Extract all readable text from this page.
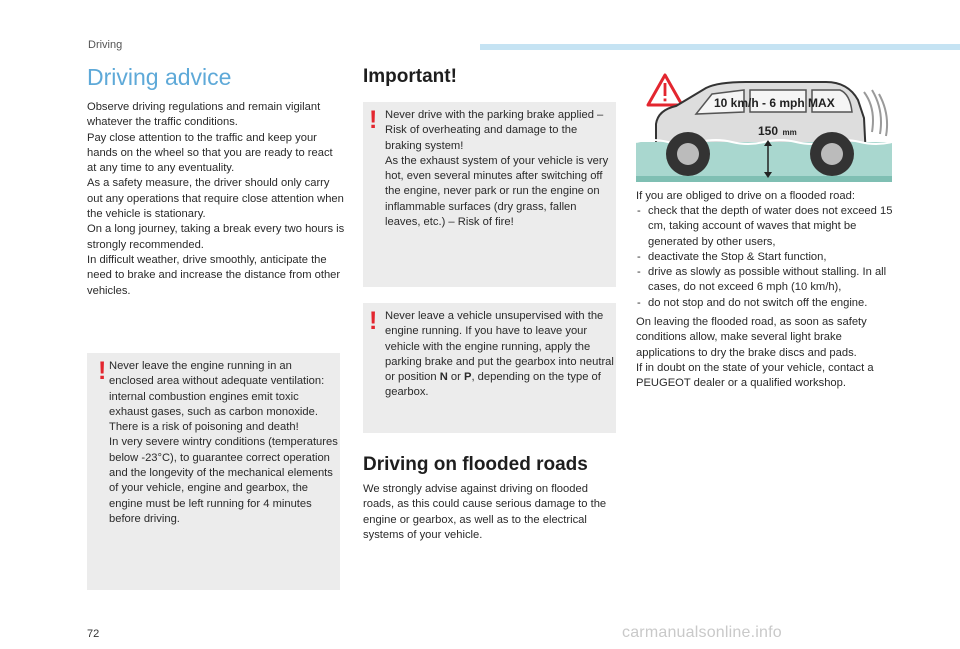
Driving
Driving advice

Observe driving regulations and remain vigilant whatever the traffic conditions.
Pay close attention to the traffic and keep your hands on the wheel so that you are ready to react at any time to any eventuality.
As a safety measure, the driver should only carry out any operations that require close attention when the vehicle is stationary.
On a long journey, taking a break every two hours is strongly recommended.
In difficult weather, drive smoothly, anticipate the need to brake and increase the distance from other vehicles.

! Never leave the engine running in an enclosed area without adequate ventilation: internal combustion engines emit toxic exhaust gases, such as carbon monoxide. There is a risk of poisoning and death!
In very severe wintry conditions (temperatures below -23°C), to guarantee correct operation and the longevity of the mechanical elements of your vehicle, engine and gearbox, the engine must be left running for 4 minutes before driving.

Important!
! Never drive with the parking brake applied – Risk of overheating and damage to the braking system!
As the exhaust system of your vehicle is very hot, even several minutes after switching off the engine, never park or run the engine on inflammable surfaces (dry grass, fallen leaves, etc.) – Risk of fire!

! Never leave a vehicle unsupervised with the engine running. If you have to leave your vehicle with the engine running, apply the parking brake and put the gearbox into neutral or position N or P, depending on the type of gearbox.

Driving on flooded roads

We strongly advise against driving on flooded roads, as this could cause serious damage to the engine or gearbox, as well as to the electrical systems of your vehicle.

10 km/h - 6 mph MAX
150 mm

If you are obliged to drive on a flooded road:

- check that the depth of water does not exceed 15 cm, taking account of waves that might be generated by other users,
- deactivate the Stop & Start function,
- drive as slowly as possible without stalling. In all cases, do not exceed 6 mph (10 km/h),
- do not stop and do not switch off the engine.

On leaving the flooded road, as soon as safety conditions allow, make several light brake applications to dry the brake discs and pads.
If in doubt on the state of your vehicle, contact a PEUGEOT dealer or a qualified workshop.

72	carmanualsonline.info
